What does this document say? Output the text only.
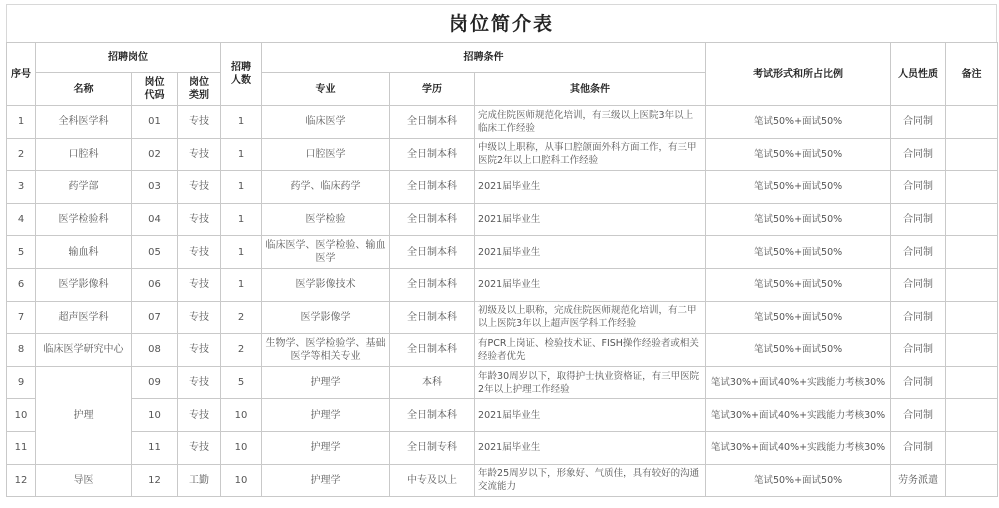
岗位简介表
序号	招聘岗位			招聘人数	招聘条件			考试形式和所占比例	人员性质	备注
	名称	岗位代码	岗位类别		专业	学历	其他条件			
1	全科医学科	01	专技	1	临床医学	全日制本科	完成住院医师规范化培训，有三级以上医院3年以上临床工作经验	笔试50%+面试50%	合同制	
2	口腔科	02	专技	1	口腔医学	全日制本科	中级以上职称，从事口腔颌面外科方面工作，有三甲医院2年以上口腔科工作经验	笔试50%+面试50%	合同制	
3	药学部	03	专技	1	药学、临床药学	全日制本科	2021届毕业生	笔试50%+面试50%	合同制	
4	医学检验科	04	专技	1	医学检验	全日制本科	2021届毕业生	笔试50%+面试50%	合同制	
5	输血科	05	专技	1	临床医学、医学检验、输血医学	全日制本科	2021届毕业生	笔试50%+面试50%	合同制	
6	医学影像科	06	专技	1	医学影像技术	全日制本科	2021届毕业生	笔试50%+面试50%	合同制	
7	超声医学科	07	专技	2	医学影像学	全日制本科	初级及以上职称，完成住院医师规范化培训，有二甲以上医院3年以上超声医学科工作经验	笔试50%+面试50%	合同制	
8	临床医学研究中心	08	专技	2	生物学、医学检验学、基础医学等相关专业	全日制本科	有PCR上岗证、检验技术证、FISH操作经验者或相关经验者优先	笔试50%+面试50%	合同制	
9	护理	09	专技	5	护理学	本科	年龄30周岁以下，取得护士执业资格证，有三甲医院2年以上护理工作经验	笔试30%+面试40%+实践能力考核30%	合同制	
10		10	专技	10	护理学	全日制本科	2021届毕业生	笔试30%+面试40%+实践能力考核30%	合同制	
11		11	专技	10	护理学	全日制专科	2021届毕业生	笔试30%+面试40%+实践能力考核30%	合同制	
12	导医	12	工勤	10	护理学	中专及以上	年龄25周岁以下，形象好、气质佳，具有较好的沟通交流能力	笔试50%+面试50%	劳务派遣	
